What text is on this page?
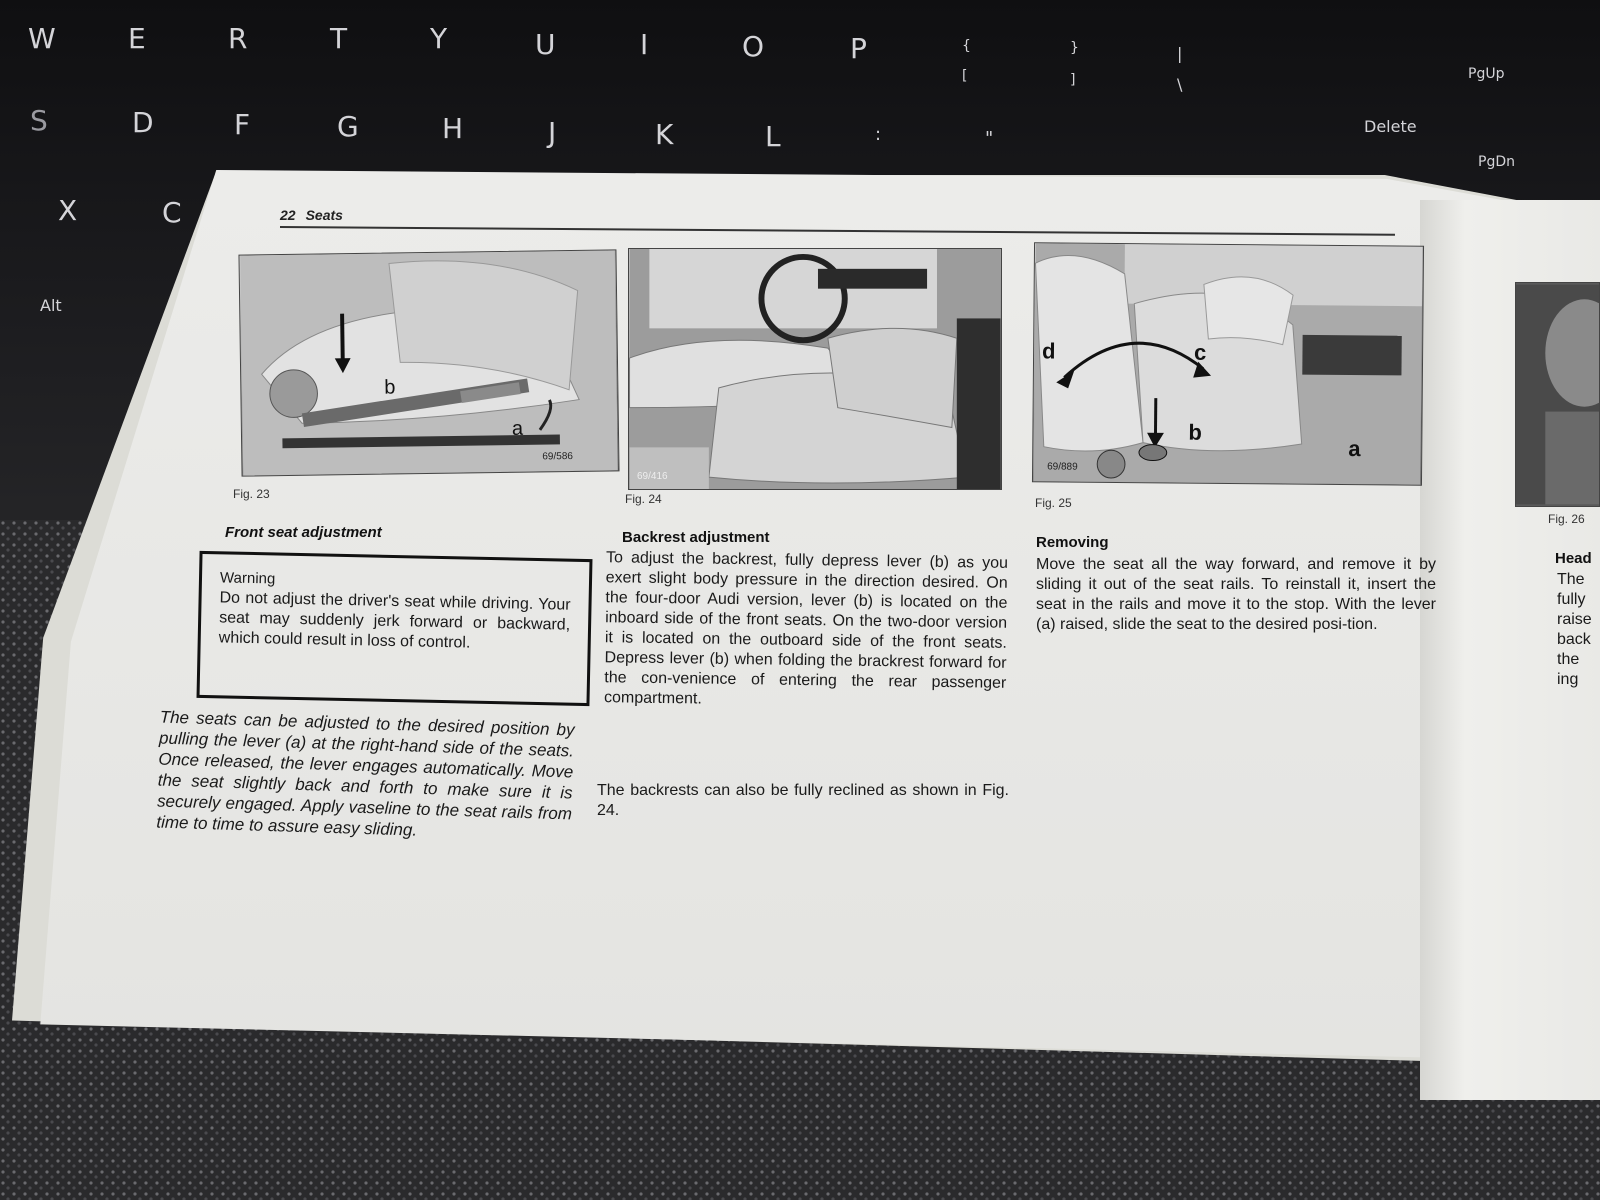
W	E	R	T	Y	U	I	O	P	{	}	|
[	]	\
S	D	F	G	H	J	K	L	:	"
X	C
Alt
PgUp
Delete
PgDn
22 Seats
b
a
69/586
Fig. 23
69/416
Fig. 24
d	c
b
a
69/889
Fig. 25
Fig. 26
Front seat adjustment
Warning
Do not adjust the driver's seat while driving. Your seat may suddenly jerk forward or backward, which could result in loss of control.
The seats can be adjusted to the desired position by pulling the lever (a) at the right-hand side of the seats. Once released, the lever engages automatically. Move the seat slightly back and forth to make sure it is securely engaged. Apply vaseline to the seat rails from time to time to assure easy sliding.
Backrest adjustment
To adjust the backrest, fully depress lever (b) as you exert slight body pressure in the direction desired. On the four-door Audi version, lever (b) is located on the inboard side of the front seats. On the two-door version it is located on the outboard side of the front seats. Depress lever (b) when folding the brackrest forward for the con-venience of entering the rear passenger compartment.
The backrests can also be fully reclined as shown in Fig. 24.
Removing
Move the seat all the way forward, and remove it by sliding it out of the seat rails. To reinstall it, insert the seat in the rails and move it to the stop. With the lever (a) raised, slide the seat to the desired posi-tion.
Head
The
fully
raise
back
the
ing
